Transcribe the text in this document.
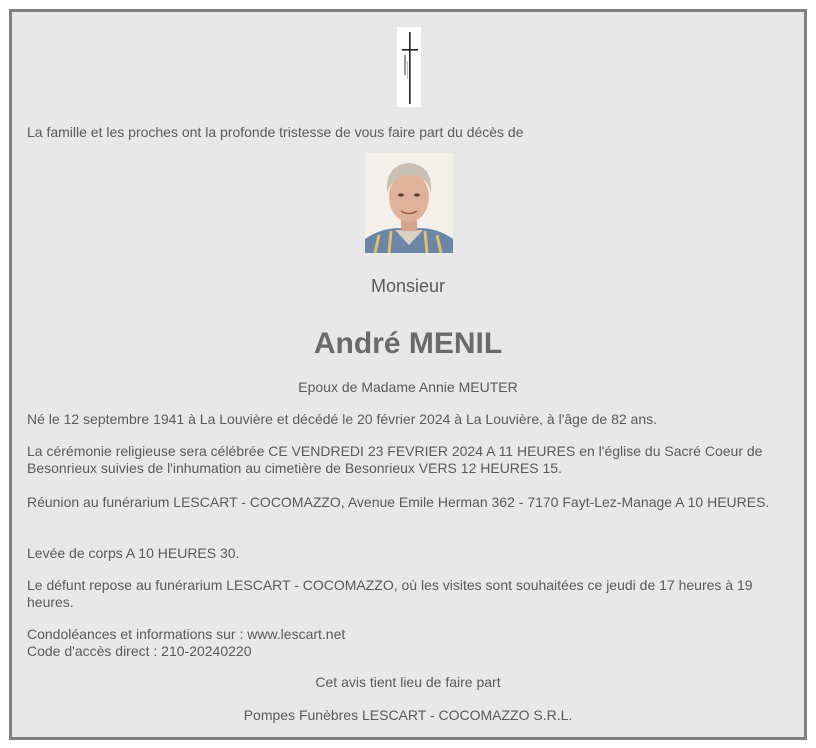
La famille et les proches ont la profonde tristesse de vous faire part du décès de
Monsieur
André MENIL
Epoux de Madame Annie MEUTER
Né le 12 septembre 1941 à La Louvière et décédé le 20 février 2024 à La Louvière, à l'âge de 82 ans.
La cérémonie religieuse sera célébrée CE VENDREDI 23 FEVRIER 2024 A 11 HEURES en l'église du Sacré Coeur de Besonrieux suivies de l'inhumation au cimetière de Besonrieux VERS 12 HEURES 15.
Réunion au funérarium LESCART - COCOMAZZO, Avenue Emile Herman 362 - 7170 Fayt-Lez-Manage A 10 HEURES.
Levée de corps A 10 HEURES 30.
Le défunt repose au funérarium LESCART - COCOMAZZO, où les visites sont souhaitées ce jeudi de 17 heures à 19 heures.
Condoléances et informations sur : www.lescart.net
Code d'accès direct : 210-20240220
Cet avis tient lieu de faire part
Pompes Funèbres LESCART - COCOMAZZO S.R.L.
